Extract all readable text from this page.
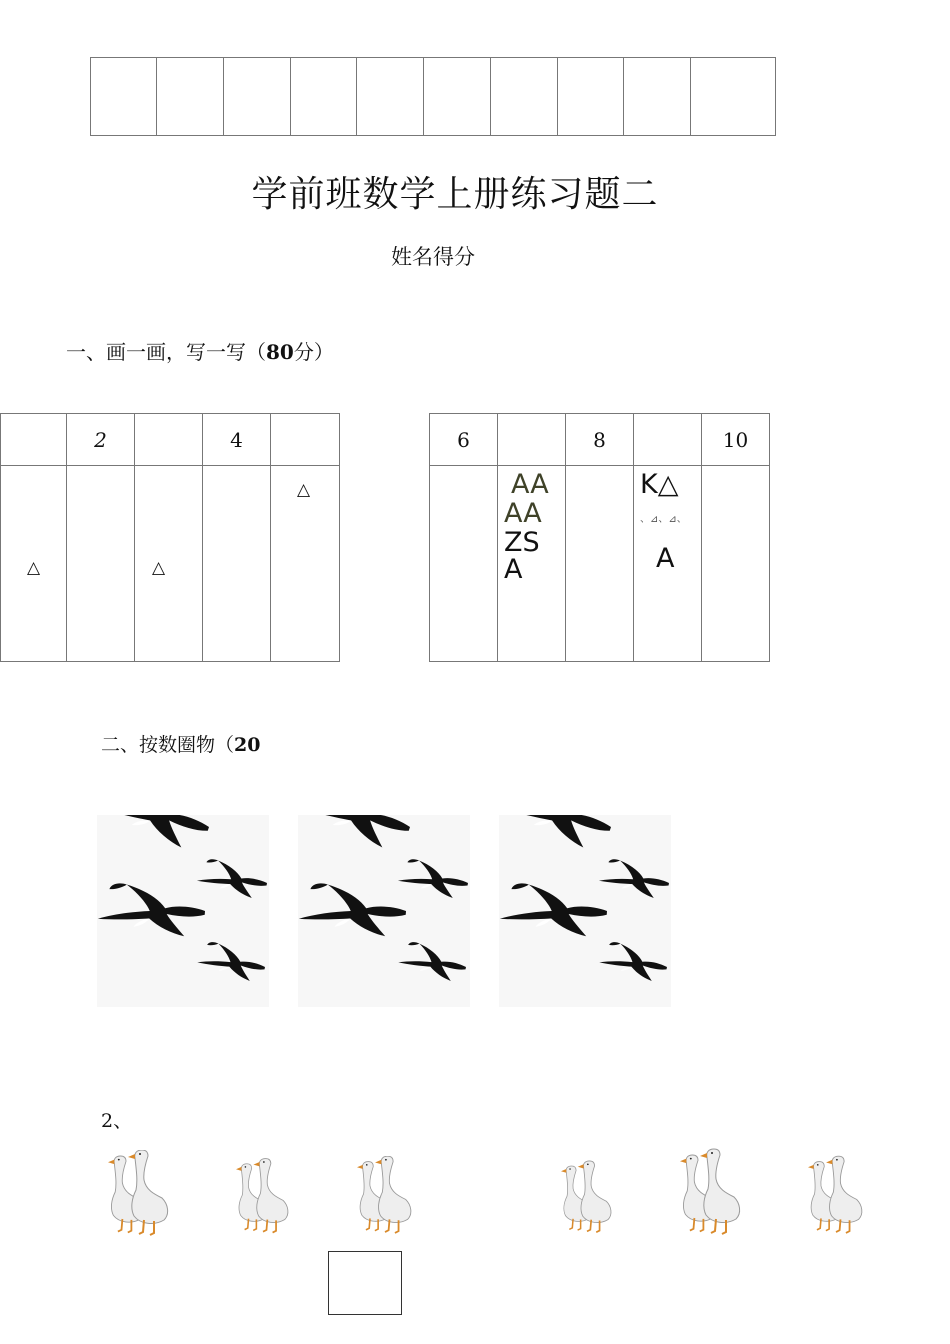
学前班数学上册练习题二
姓名得分
一、画一画，写一写（80分）
	2		4	

△		△		△
6		8		10

	AA
AA
ZS
A		K△
、⊿、⊿、
A	

二、按数圈物（20
2、
